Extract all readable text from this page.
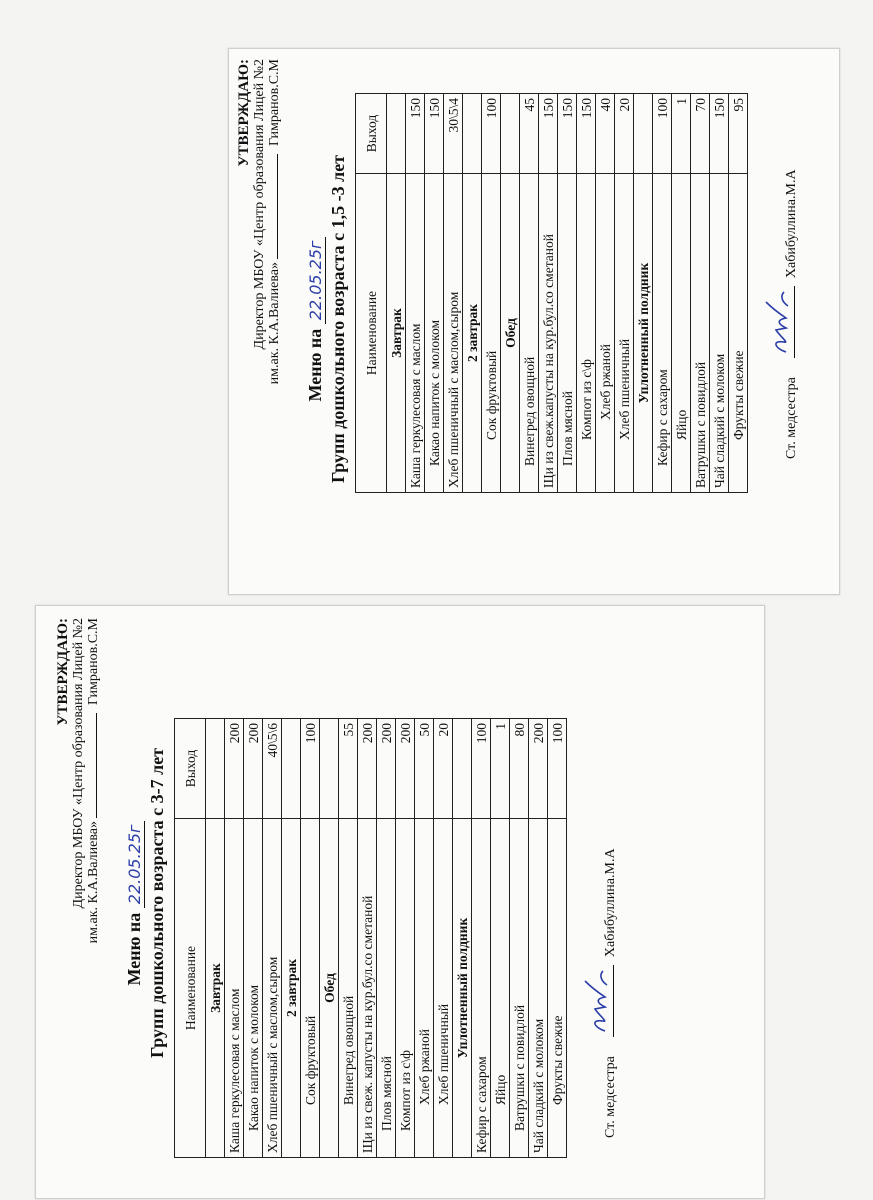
УТВЕРЖДАЮ: Директор МБОУ «Центр образования Лицей №2 им.ак. К.А.Валиева»  Гимранов.С.М
Меню на 22.05.25г Групп дошкольного возраста с 1,5 -3 лет Наименование	Выход
Завтрак	
Каша геркулесовая с маслом	150
Какао напиток с молоком	150
Хлеб пшеничный с маслом,сыром	30\5\4
2 завтрак	
Сок фруктовый	100
Обед	
Винегред овощной	45
Щи из свеж.капусты на кур.бул.со сметаной	150
Плов мясной	150
Компот из с\ф	150
Хлеб ржаной	40
Хлеб пшеничный	20
Уплотненный полдник	
Кефир с сахаром	100
Яйцо	1
Ватрушки с повидлой	70
Чай сладкий с молоком	150
Фрукты свежие	95
Ст. медсестра
Хабибуллина.М.А
УТВЕРЖДАЮ: Директор МБОУ «Центр образования Лицей №2 им.ак. К.А.Валиева»  Гимранов.С.М
Меню на 22.05.25г Групп дошкольного возраста с 3-7 лет Наименование	Выход
Завтрак	
Каша геркулесовая с маслом	200
Какао напиток с молоком	200
Хлеб пшеничный с маслом,сыром	40\5\6
2 завтрак	
Сок фруктовый	100
Обед	
Винегред овощной	55
Щи из свеж. капусты на кур.бул.со сметаной	200
Плов мясной	200
Компот из с\ф	200
Хлеб ржаной	50
Хлеб пшеничный	20
Уплотненный полдник	
Кефир с сахаром	100
Яйцо	1
Ватрушки с повидлой	80
Чай сладкий с молоком	200
Фрукты свежие	100
Ст. медсестра
Хабибуллина.М.А
